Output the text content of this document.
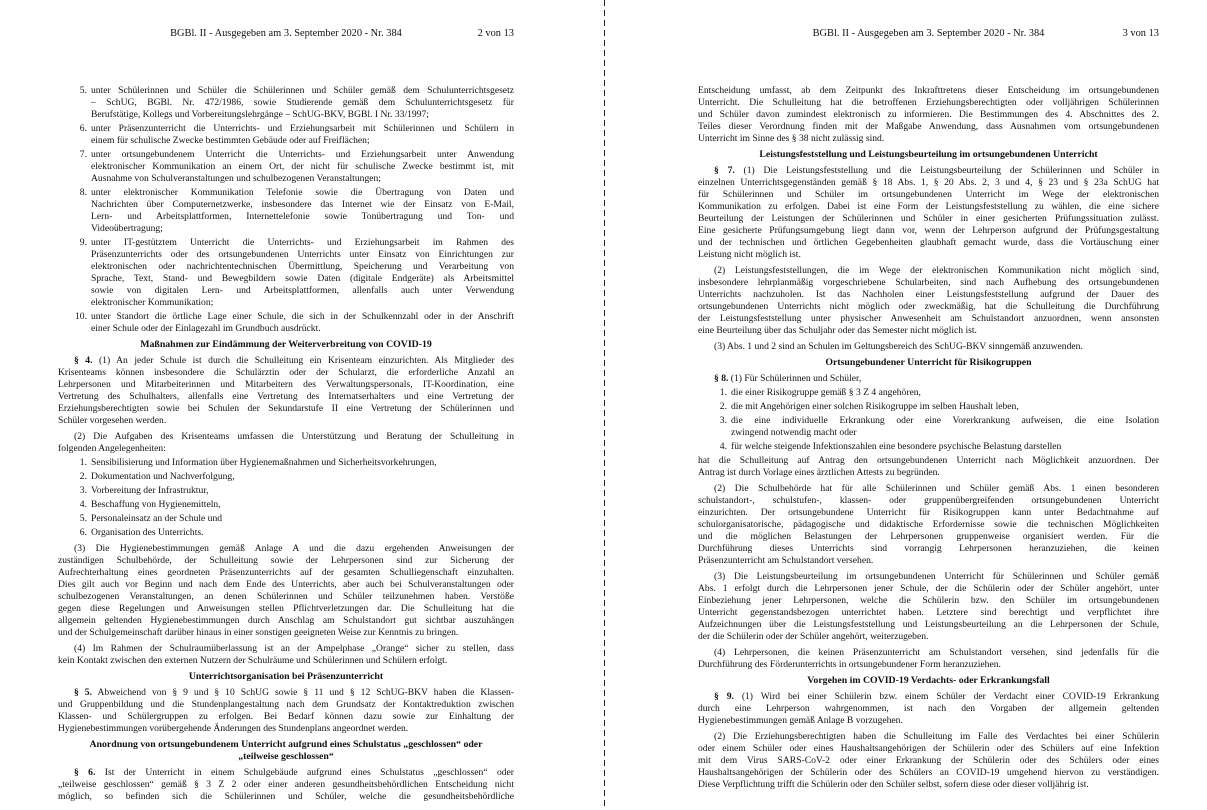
BGBl. II - Ausgegeben am 3. September 2020 - Nr. 384	2 von 13
5. unter Schülerinnen und Schüler die Schülerinnen und Schüler gemäß dem Schulunterrichtsgesetz
– SchUG, BGBl. Nr. 472/1986, sowie Studierende gemäß dem Schulunterrichtsgesetz für
Berufstätige, Kollegs und Vorbereitungslehrgänge – SchUG-BKV, BGBl. I Nr. 33/1997;
6. unter Präsenzunterricht die Unterrichts- und Erziehungsarbeit mit Schülerinnen und Schülern in
einem für schulische Zwecke bestimmten Gebäude oder auf Freiflächen;
7. unter ortsungebundenem Unterricht die Unterrichts- und Erziehungsarbeit unter Anwendung
elektronischer Kommunikation an einem Ort, der nicht für schulische Zwecke bestimmt ist, mit
Ausnahme von Schulveranstaltungen und schulbezogenen Veranstaltungen;
8. unter elektronischer Kommunikation Telefonie sowie die Übertragung von Daten und
Nachrichten über Computernetzwerke, insbesondere das Internet wie der Einsatz von E-Mail,
Lern- und Arbeitsplattformen, Internettelefonie sowie Tonübertragung und Ton- und
Videoübertragung;
9. unter IT-gestütztem Unterricht die Unterrichts- und Erziehungsarbeit im Rahmen des
Präsenzunterrichts oder des ortsungebundenen Unterrichts unter Einsatz von Einrichtungen zur
elektronischen oder nachrichtentechnischen Übermittlung, Speicherung und Verarbeitung von
Sprache, Text, Stand- und Bewegbildern sowie Daten (digitale Endgeräte) als Arbeitsmittel
sowie von digitalen Lern- und Arbeitsplattformen, allenfalls auch unter Verwendung
elektronischer Kommunikation;
10. unter Standort die örtliche Lage einer Schule, die sich in der Schulkennzahl oder in der Anschrift
einer Schule oder der Einlagezahl im Grundbuch ausdrückt.
Maßnahmen zur Eindämmung der Weiterverbreitung von COVID-19
§ 4. (1) An jeder Schule ist durch die Schulleitung ein Krisenteam einzurichten. Als Mitglieder des
Krisenteams können insbesondere die Schulärztin oder der Schularzt, die erforderliche Anzahl an
Lehrpersonen und Mitarbeiterinnen und Mitarbeitern des Verwaltungspersonals, IT-Koordination, eine
Vertretung des Schulhalters, allenfalls eine Vertretung des Internatserhalters und eine Vertretung der
Erziehungsberechtigten sowie bei Schulen der Sekundarstufe II eine Vertretung der Schülerinnen und
Schüler vorgesehen werden.
(2) Die Aufgaben des Krisenteams umfassen die Unterstützung und Beratung der Schulleitung in
folgenden Angelegenheiten:
1. Sensibilisierung und Information über Hygienemaßnahmen und Sicherheitsvorkehrungen,
2. Dokumentation und Nachverfolgung,
3. Vorbereitung der Infrastruktur,
4. Beschaffung von Hygienemitteln,
5. Personaleinsatz an der Schule und
6. Organisation des Unterrichts.
(3) Die Hygienebestimmungen gemäß Anlage A und die dazu ergehenden Anweisungen der
zuständigen Schulbehörde, der Schulleitung sowie der Lehrpersonen sind zur Sicherung der
Aufrechterhaltung eines geordneten Präsenzunterrichts auf der gesamten Schulliegenschaft einzuhalten.
Dies gilt auch vor Beginn und nach dem Ende des Unterrichts, aber auch bei Schulveranstaltungen oder
schulbezogenen Veranstaltungen, an denen Schülerinnen und Schüler teilzunehmen haben. Verstöße
gegen diese Regelungen und Anweisungen stellen Pflichtverletzungen dar. Die Schulleitung hat die
allgemein geltenden Hygienebestimmungen durch Anschlag am Schulstandort gut sichtbar auszuhängen
und der Schulgemeinschaft darüber hinaus in einer sonstigen geeigneten Weise zur Kenntnis zu bringen.
(4) Im Rahmen der Schulraumüberlassung ist an der Ampelphase „Orange“ sicher zu stellen, dass
kein Kontakt zwischen den externen Nutzern der Schulräume und Schülerinnen und Schülern erfolgt.
Unterrichtsorganisation bei Präsenzunterricht
§ 5. Abweichend von § 9 und § 10 SchUG sowie § 11 und § 12 SchUG-BKV haben die Klassen-
und Gruppenbildung und die Stundenplangestaltung nach dem Grundsatz der Kontaktreduktion zwischen
Klassen- und Schülergruppen zu erfolgen. Bei Bedarf können dazu sowie zur Einhaltung der
Hygienebestimmungen vorübergehende Änderungen des Stundenplans angeordnet werden.
Anordnung von ortsungebundenem Unterricht aufgrund eines Schulstatus „geschlossen“ oder
„teilweise geschlossen“
§ 6. Ist der Unterricht in einem Schulgebäude aufgrund eines Schulstatus „geschlossen“ oder
„teilweise geschlossen“ gemäß § 3 Z 2 oder einer anderen gesundheitsbehördlichen Entscheidung nicht
möglich, so befinden sich die Schülerinnen und Schüler, welche die gesundheitsbehördliche
BGBl. II - Ausgegeben am 3. September 2020 - Nr. 384	3 von 13
Entscheidung umfasst, ab dem Zeitpunkt des Inkrafttretens dieser Entscheidung im ortsungebundenen
Unterricht. Die Schulleitung hat die betroffenen Erziehungsberechtigten oder volljährigen Schülerinnen
und Schüler davon zumindest elektronisch zu informieren. Die Bestimmungen des 4. Abschnittes des 2.
Teiles dieser Verordnung finden mit der Maßgabe Anwendung, dass Ausnahmen vom ortsungebundenen
Unterricht im Sinne des § 38 nicht zulässig sind.
Leistungsfeststellung und Leistungsbeurteilung im ortsungebundenen Unterricht
§ 7. (1) Die Leistungsfeststellung und die Leistungsbeurteilung der Schülerinnen und Schüler in
einzelnen Unterrichtsgegenständen gemäß § 18 Abs. 1, § 20 Abs. 2, 3 und 4, § 23 und § 23a SchUG hat
für Schülerinnen und Schüler im ortsungebundenen Unterricht im Wege der elektronischen
Kommunikation zu erfolgen. Dabei ist eine Form der Leistungsfeststellung zu wählen, die eine sichere
Beurteilung der Leistungen der Schülerinnen und Schüler in einer gesicherten Prüfungssituation zulässt.
Eine gesicherte Prüfungsumgebung liegt dann vor, wenn der Lehrperson aufgrund der Prüfungsgestaltung
und der technischen und örtlichen Gegebenheiten glaubhaft gemacht wurde, dass die Vortäuschung einer
Leistung nicht möglich ist.
(2) Leistungsfeststellungen, die im Wege der elektronischen Kommunikation nicht möglich sind,
insbesondere lehrplanmäßig vorgeschriebene Schularbeiten, sind nach Aufhebung des ortsungebundenen
Unterrichts nachzuholen. Ist das Nachholen einer Leistungsfeststellung aufgrund der Dauer des
ortsungebundenen Unterrichts nicht möglich oder zweckmäßig, hat die Schulleitung die Durchführung
der Leistungsfeststellung unter physischer Anwesenheit am Schulstandort anzuordnen, wenn ansonsten
eine Beurteilung über das Schuljahr oder das Semester nicht möglich ist.
(3) Abs. 1 und 2 sind an Schulen im Geltungsbereich des SchUG-BKV sinngemäß anzuwenden.
Ortsungebundener Unterricht für Risikogruppen
§ 8. (1) Für Schülerinnen und Schüler,
1. die einer Risikogruppe gemäß § 3 Z 4 angehören,
2. die mit Angehörigen einer solchen Risikogruppe im selben Haushalt leben,
3. die eine individuelle Erkrankung oder eine Vorerkrankung aufweisen, die eine Isolation
zwingend notwendig macht oder
4. für welche steigende Infektionszahlen eine besondere psychische Belastung darstellen
hat die Schulleitung auf Antrag den ortsungebundenen Unterricht nach Möglichkeit anzuordnen. Der
Antrag ist durch Vorlage eines ärztlichen Attests zu begründen.
(2) Die Schulbehörde hat für alle Schülerinnen und Schüler gemäß Abs. 1 einen besonderen
schulstandort-, schulstufen-, klassen- oder gruppenübergreifenden ortsungebundenen Unterricht
einzurichten. Der ortsungebundene Unterricht für Risikogruppen kann unter Bedachtnahme auf
schulorganisatorische, pädagogische und didaktische Erfordernisse sowie die technischen Möglichkeiten
und die möglichen Belastungen der Lehrpersonen gruppenweise organisiert werden. Für die
Durchführung dieses Unterrichts sind vorrangig Lehrpersonen heranzuziehen, die keinen
Präsenzunterricht am Schulstandort versehen.
(3) Die Leistungsbeurteilung im ortsungebundenen Unterricht für Schülerinnen und Schüler gemäß
Abs. 1 erfolgt durch die Lehrpersonen jener Schule, der die Schülerin oder der Schüler angehört, unter
Einbeziehung jener Lehrpersonen, welche die Schülerin bzw. den Schüler im ortsungebundenen
Unterricht gegenstandsbezogen unterrichtet haben. Letztere sind berechtigt und verpflichtet ihre
Aufzeichnungen über die Leistungsfeststellung und Leistungsbeurteilung an die Lehrpersonen der Schule,
der die Schülerin oder der Schüler angehört, weiterzugeben.
(4) Lehrpersonen, die keinen Präsenzunterricht am Schulstandort versehen, sind jedenfalls für die
Durchführung des Förderunterrichts in ortsungebundener Form heranzuziehen.
Vorgehen im COVID-19 Verdachts- oder Erkrankungsfall
§ 9. (1) Wird bei einer Schülerin bzw. einem Schüler der Verdacht einer COVID-19 Erkrankung
durch eine Lehrperson wahrgenommen, ist nach den Vorgaben der allgemein geltenden
Hygienebestimmungen gemäß Anlage B vorzugehen.
(2) Die Erziehungsberechtigten haben die Schulleitung im Falle des Verdachtes bei einer Schülerin
oder einem Schüler oder eines Haushaltsangehörigen der Schülerin oder des Schülers auf eine Infektion
mit dem Virus SARS-CoV-2 oder einer Erkrankung der Schülerin oder des Schülers oder eines
Haushaltsangehörigen der Schülerin oder des Schülers an COVID-19 umgehend hiervon zu verständigen.
Diese Verpflichtung trifft die Schülerin oder den Schüler selbst, sofern diese oder dieser volljährig ist.
